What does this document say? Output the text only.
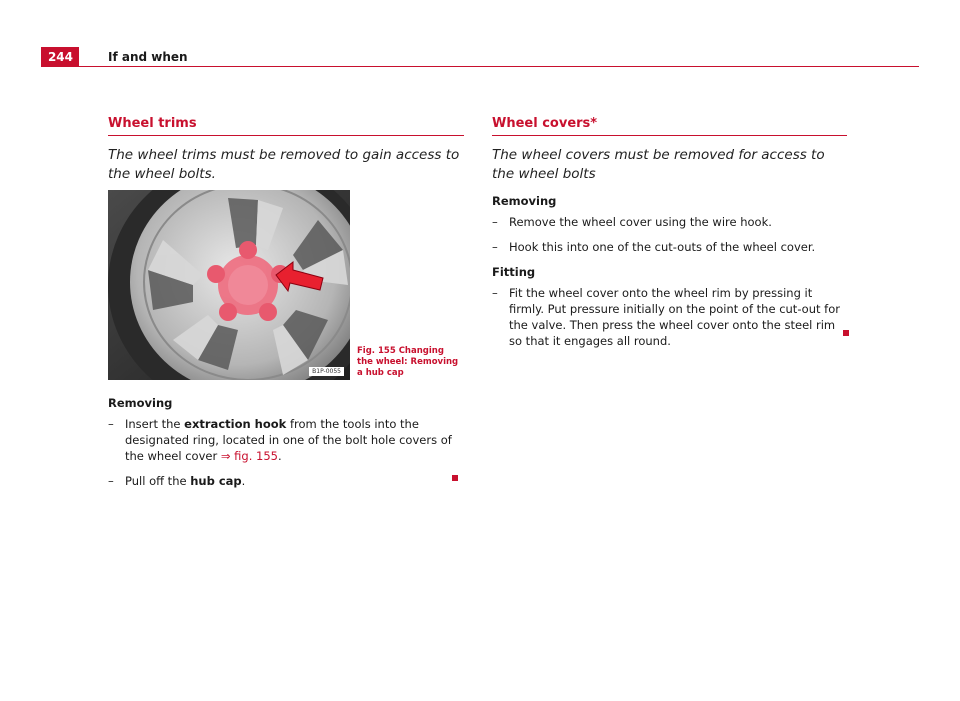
244	If and when
Wheel trims
The wheel trims must be removed to gain access to the wheel bolts.
B1P-0055
Fig. 155 Changing the wheel: Removing a hub cap
Removing
– Insert the extraction hook from the tools into the designated ring, located in one of the bolt hole covers of the wheel cover ⇒ fig. 155.
– Pull off the hub cap.
Wheel covers*
The wheel covers must be removed for access to the wheel bolts
Removing
– Remove the wheel cover using the wire hook.
– Hook this into one of the cut-outs of the wheel cover.
Fitting
– Fit the wheel cover onto the wheel rim by pressing it firmly. Put pressure initially on the point of the cut-out for the valve. Then press the wheel cover onto the steel rim so that it engages all round.
